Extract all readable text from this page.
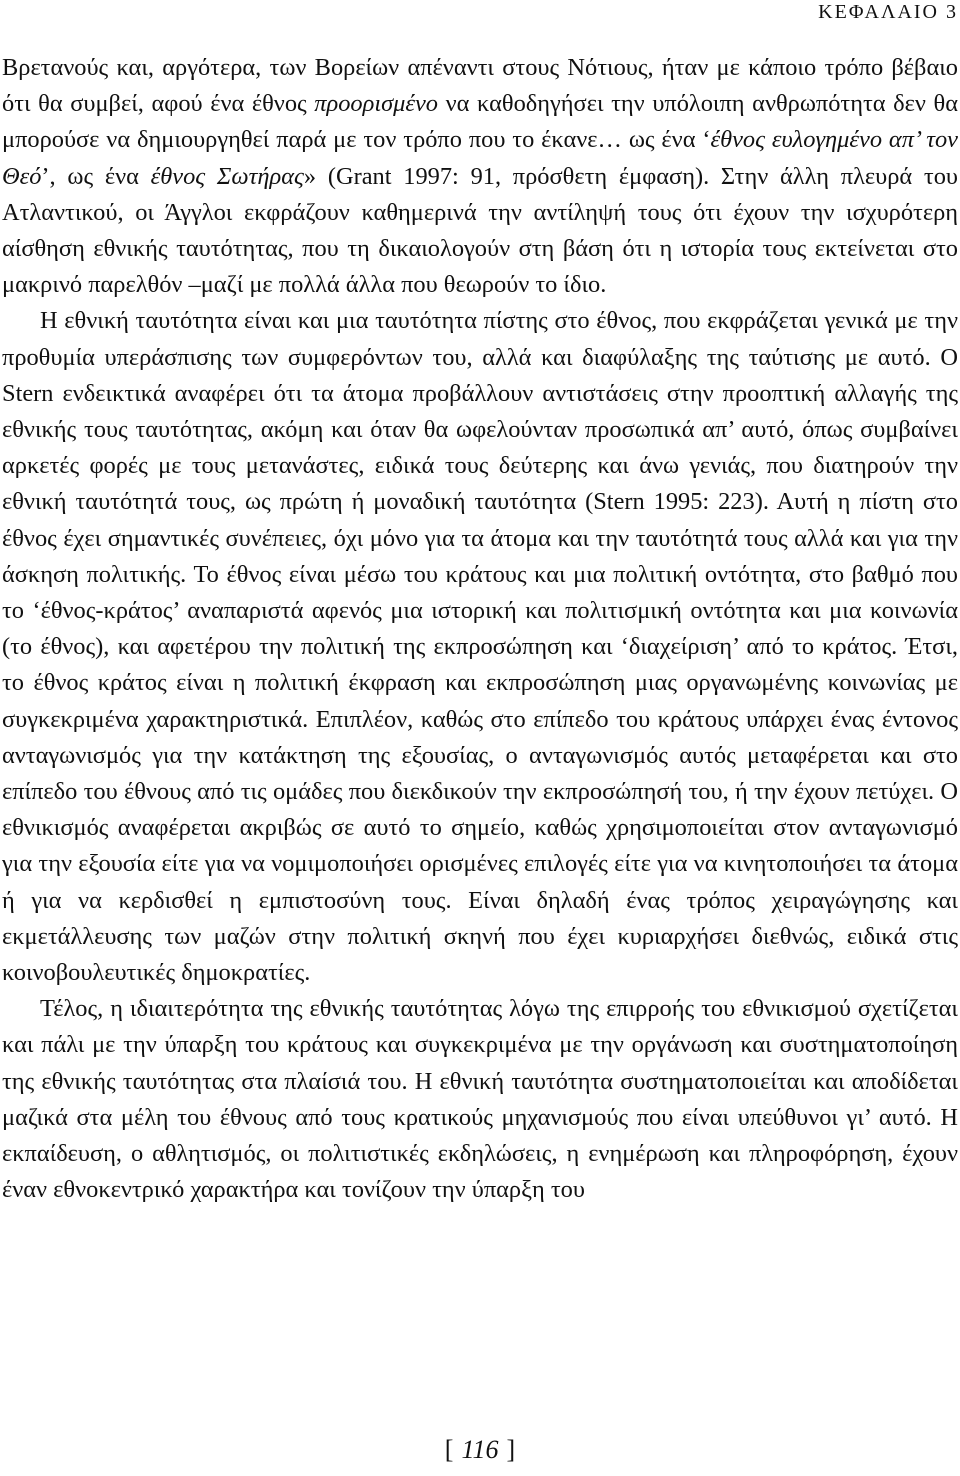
ΚΕΦΑΛΑΙΟ 3

Βρετανούς και, αργότερα, των Βορείων απέναντι στους Νότιους, ήταν με κάποιο τρόπο βέβαιο ότι θα συμβεί, αφού ένα έθνος προορισμένο να καθοδηγήσει την υπόλοιπη ανθρωπότητα δεν θα μπορούσε να δημιουργηθεί παρά με τον τρόπο που το έκανε… ως ένα ‘έθνος ευλογημένο απ’ τον Θεό’, ως ένα έθνος Σωτήρας» (Grant 1997: 91, πρόσθετη έμφαση). Στην άλλη πλευρά του Ατλαντικού, οι Άγγλοι εκφράζουν καθημερινά την αντίληψή τους ότι έχουν την ισχυρότερη αίσθηση εθνικής ταυτότητας, που τη δικαιολογούν στη βάση ότι η ιστορία τους εκτείνεται στο μακρινό παρελθόν –μαζί με πολλά άλλα που θεωρούν το ίδιο.

Η εθνική ταυτότητα είναι και μια ταυτότητα πίστης στο έθνος, που εκφράζεται γενικά με την προθυμία υπεράσπισης των συμφερόντων του, αλλά και διαφύλαξης της ταύτισης με αυτό. Ο Stern ενδεικτικά αναφέρει ότι τα άτομα προβάλλουν αντιστάσεις στην προοπτική αλλαγής της εθνικής τους ταυτότητας, ακόμη και όταν θα ωφελούνταν προσωπικά απ’ αυτό, όπως συμβαίνει αρκετές φορές με τους μετανάστες, ειδικά τους δεύτερης και άνω γενιάς, που διατηρούν την εθνική ταυτότητά τους, ως πρώτη ή μοναδική ταυτότητα (Stern 1995: 223). Αυτή η πίστη στο έθνος έχει σημαντικές συνέπειες, όχι μόνο για τα άτομα και την ταυτότητά τους αλλά και για την άσκηση πολιτικής. Το έθνος είναι μέσω του κράτους και μια πολιτική οντότητα, στο βαθμό που το ‘έθνος-κράτος’ αναπαριστά αφενός μια ιστορική και πολιτισμική οντότητα και μια κοινωνία (το έθνος), και αφετέρου την πολιτική της εκπροσώπηση και ‘διαχείριση’ από το κράτος. Έτσι, το έθνος κράτος είναι η πολιτική έκφραση και εκπροσώπηση μιας οργανωμένης κοινωνίας με συγκεκριμένα χαρακτηριστικά. Επιπλέον, καθώς στο επίπεδο του κράτους υπάρχει ένας έντονος ανταγωνισμός για την κατάκτηση της εξουσίας, ο ανταγωνισμός αυτός μεταφέρεται και στο επίπεδο του έθνους από τις ομάδες που διεκδικούν την εκπροσώπησή του, ή την έχουν πετύχει. Ο εθνικισμός αναφέρεται ακριβώς σε αυτό το σημείο, καθώς χρησιμοποιείται στον ανταγωνισμό για την εξουσία είτε για να νομιμοποιήσει ορισμένες επιλογές είτε για να κινητοποιήσει τα άτομα ή για να κερδισθεί η εμπιστοσύνη τους. Είναι δηλαδή ένας τρόπος χειραγώγησης και εκμετάλλευσης των μαζών στην πολιτική σκηνή που έχει κυριαρχήσει διεθνώς, ειδικά στις κοινοβουλευτικές δημοκρατίες.

Τέλος, η ιδιαιτερότητα της εθνικής ταυτότητας λόγω της επιρροής του εθνικισμού σχετίζεται και πάλι με την ύπαρξη του κράτους και συγκεκριμένα με την οργάνωση και συστηματοποίηση της εθνικής ταυτότητας στα πλαίσιά του. Η εθνική ταυτότητα συστηματοποιείται και αποδίδεται μαζικά στα μέλη του έθνους από τους κρατικούς μηχανισμούς που είναι υπεύθυνοι γι’ αυτό. Η εκπαίδευση, ο αθλητισμός, οι πολιτιστικές εκδηλώσεις, η ενημέρωση και πληροφόρηση, έχουν έναν εθνοκεντρικό χαρακτήρα και τονίζουν την ύπαρξη του

[ 116 ]
